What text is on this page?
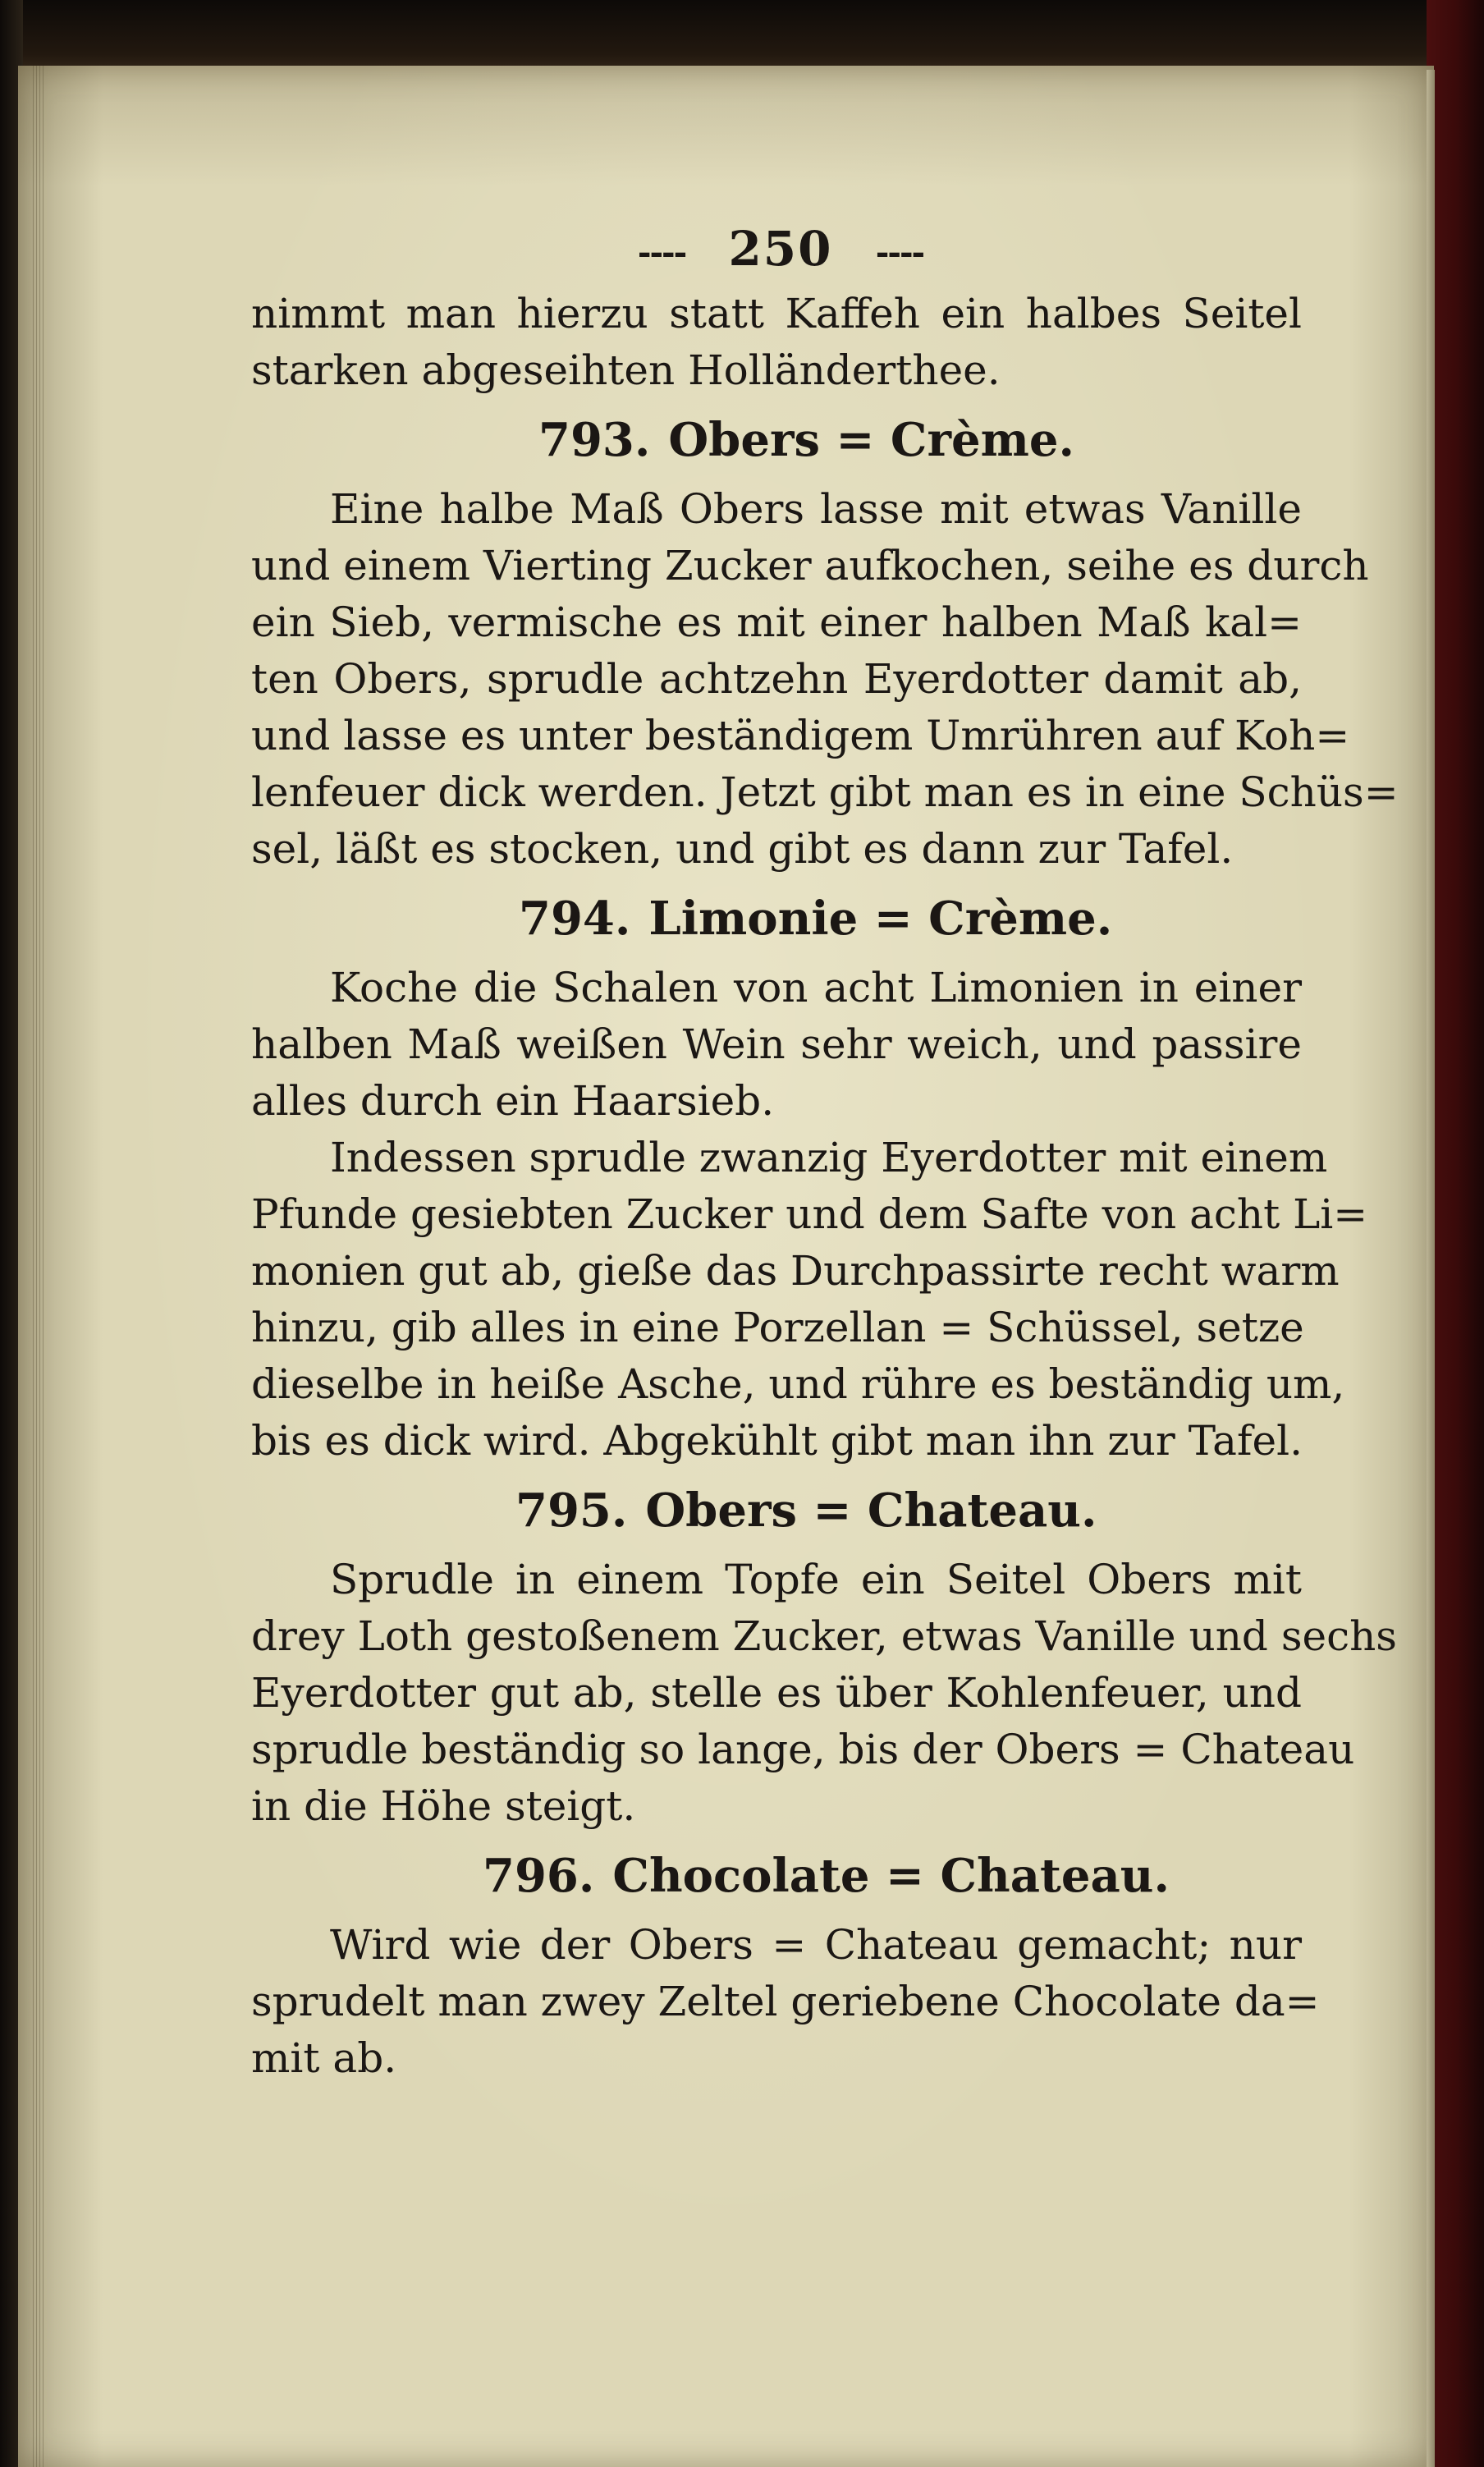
---- 250 ----
nimmt man hierzu statt Kaffeh ein halbes Seitel
starken abgeseihten Holländerthee.
793. Obers = Crème.
Eine halbe Maß Obers lasse mit etwas Vanille
und einem Vierting Zucker aufkochen, seihe es durch
ein Sieb, vermische es mit einer halben Maß kal=
ten Obers, sprudle achtzehn Eyerdotter damit ab,
und lasse es unter beständigem Umrühren auf Koh=
lenfeuer dick werden. Jetzt gibt man es in eine Schüs=
sel, läßt es stocken, und gibt es dann zur Tafel.
794. Limonie = Crème.
Koche die Schalen von acht Limonien in einer
halben Maß weißen Wein sehr weich, und passire
alles durch ein Haarsieb.
Indessen sprudle zwanzig Eyerdotter mit einem
Pfunde gesiebten Zucker und dem Safte von acht Li=
monien gut ab, gieße das Durchpassirte recht warm
hinzu, gib alles in eine Porzellan = Schüssel, setze
dieselbe in heiße Asche, und rühre es beständig um,
bis es dick wird. Abgekühlt gibt man ihn zur Tafel.
795. Obers = Chateau.
Sprudle in einem Topfe ein Seitel Obers mit
drey Loth gestoßenem Zucker, etwas Vanille und sechs
Eyerdotter gut ab, stelle es über Kohlenfeuer, und
sprudle beständig so lange, bis der Obers = Chateau
in die Höhe steigt.
796. Chocolate = Chateau.
Wird wie der Obers = Chateau gemacht; nur
sprudelt man zwey Zeltel geriebene Chocolate da=
mit ab.
